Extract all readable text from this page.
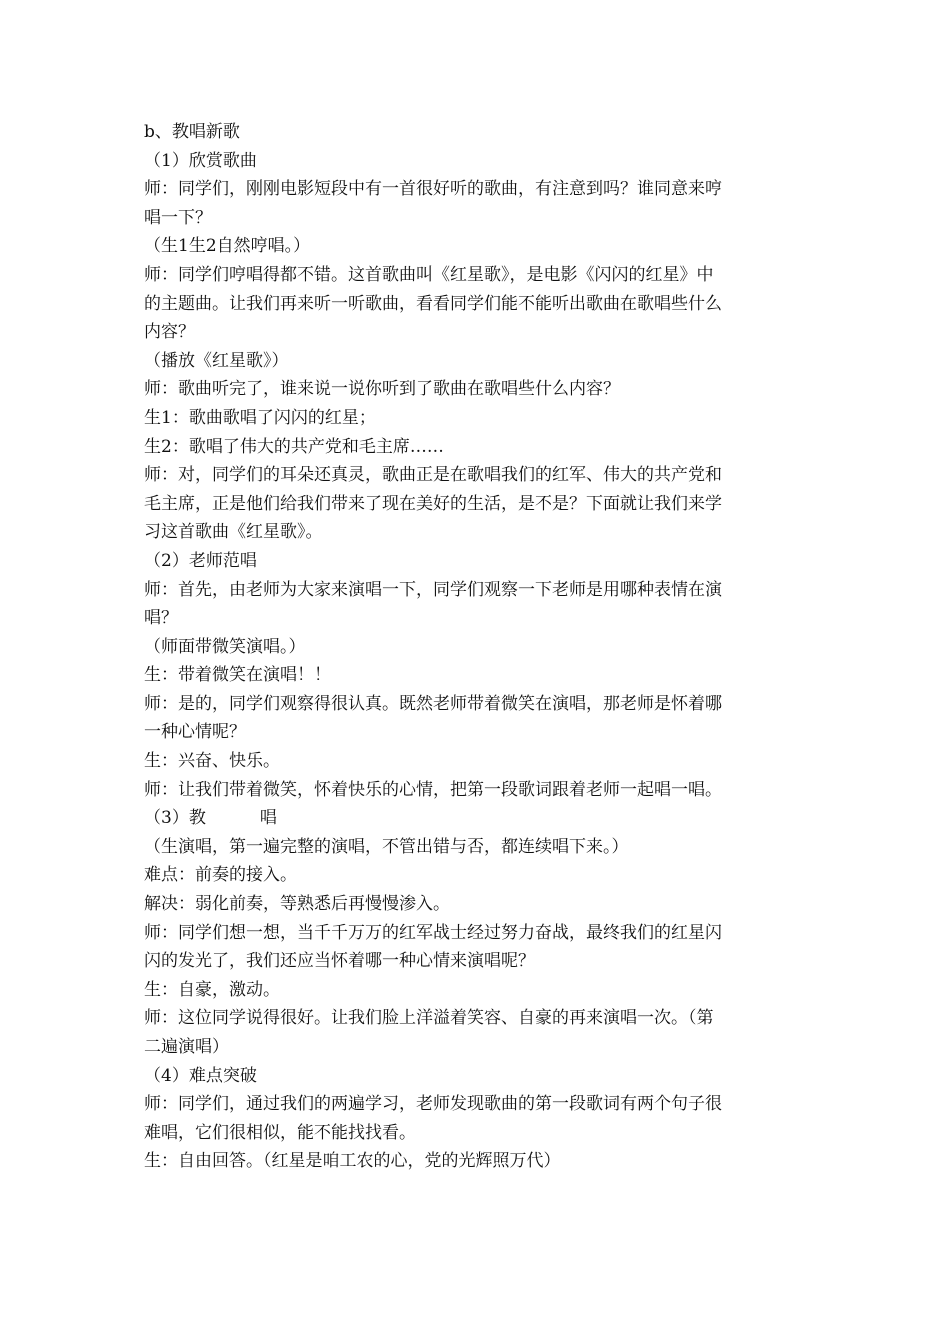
b、教唱新歌
（1）欣赏歌曲
师：同学们，刚刚电影短段中有一首很好听的歌曲，有注意到吗？谁同意来哼
唱一下？
（生1生2自然哼唱。）
师：同学们哼唱得都不错。这首歌曲叫《红星歌》，是电影《闪闪的红星》中
的主题曲。让我们再来听一听歌曲，看看同学们能不能听出歌曲在歌唱些什么
内容？
（播放《红星歌》）
师：歌曲听完了，谁来说一说你听到了歌曲在歌唱些什么内容？
生1：歌曲歌唱了闪闪的红星；
生2：歌唱了伟大的共产党和毛主席……
师：对，同学们的耳朵还真灵，歌曲正是在歌唱我们的红军、伟大的共产党和
毛主席，正是他们给我们带来了现在美好的生活，是不是？下面就让我们来学
习这首歌曲《红星歌》。
（2）老师范唱
师：首先，由老师为大家来演唱一下，同学们观察一下老师是用哪种表情在演
唱？
（师面带微笑演唱。）
生：带着微笑在演唱！！
师：是的，同学们观察得很认真。既然老师带着微笑在演唱，那老师是怀着哪
一种心情呢？
生：兴奋、快乐。
师：让我们带着微笑，怀着快乐的心情，把第一段歌词跟着老师一起唱一唱。
（3）教          唱
（生演唱，第一遍完整的演唱，不管出错与否，都连续唱下来。）
难点：前奏的接入。
解决：弱化前奏，等熟悉后再慢慢渗入。
师：同学们想一想，当千千万万的红军战士经过努力奋战，最终我们的红星闪
闪的发光了，我们还应当怀着哪一种心情来演唱呢？
生：自豪，激动。
师：这位同学说得很好。让我们脸上洋溢着笑容、自豪的再来演唱一次。（第
二遍演唱）
（4）难点突破
师：同学们，通过我们的两遍学习，老师发现歌曲的第一段歌词有两个句子很
难唱，它们很相似，能不能找找看。
生：自由回答。（红星是咱工农的心，党的光辉照万代）
